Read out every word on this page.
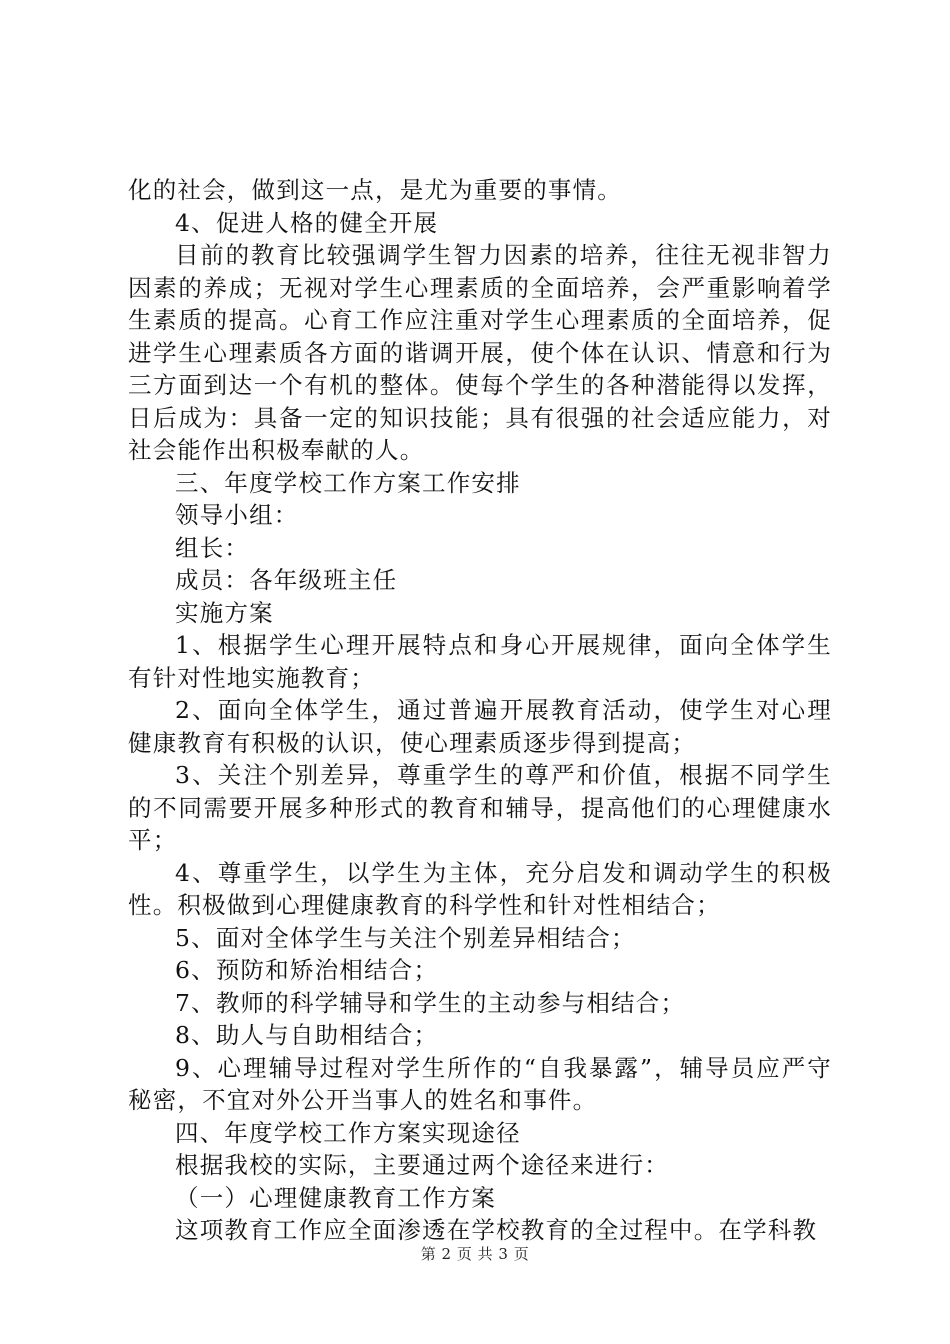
化的社会，做到这一点，是尤为重要的事情。

4、促进人格的健全开展

目前的教育比较强调学生智力因素的培养，往往无视非智力因素的养成；无视对学生心理素质的全面培养，会严重影响着学生素质的提高。心育工作应注重对学生心理素质的全面培养，促进学生心理素质各方面的谐调开展，使个体在认识、情意和行为三方面到达一个有机的整体。使每个学生的各种潜能得以发挥，日后成为：具备一定的知识技能；具有很强的社会适应能力，对社会能作出积极奉献的人。

三、年度学校工作方案工作安排

领导小组：

组长：

成员：各年级班主任

实施方案

1、根据学生心理开展特点和身心开展规律，面向全体学生有针对性地实施教育；

2、面向全体学生，通过普遍开展教育活动，使学生对心理健康教育有积极的认识，使心理素质逐步得到提高；

3、关注个别差异，尊重学生的尊严和价值，根据不同学生的不同需要开展多种形式的教育和辅导，提高他们的心理健康水平；

4、尊重学生，以学生为主体，充分启发和调动学生的积极性。积极做到心理健康教育的科学性和针对性相结合；

5、面对全体学生与关注个别差异相结合；

6、预防和矫治相结合；

7、教师的科学辅导和学生的主动参与相结合；

8、助人与自助相结合；

9、心理辅导过程对学生所作的“自我暴露”，辅导员应严守秘密，不宜对外公开当事人的姓名和事件。

四、年度学校工作方案实现途径

根据我校的实际，主要通过两个途径来进行：

（一）心理健康教育工作方案

这项教育工作应全面渗透在学校教育的全过程中。在学科教

第 2 页 共 3 页
